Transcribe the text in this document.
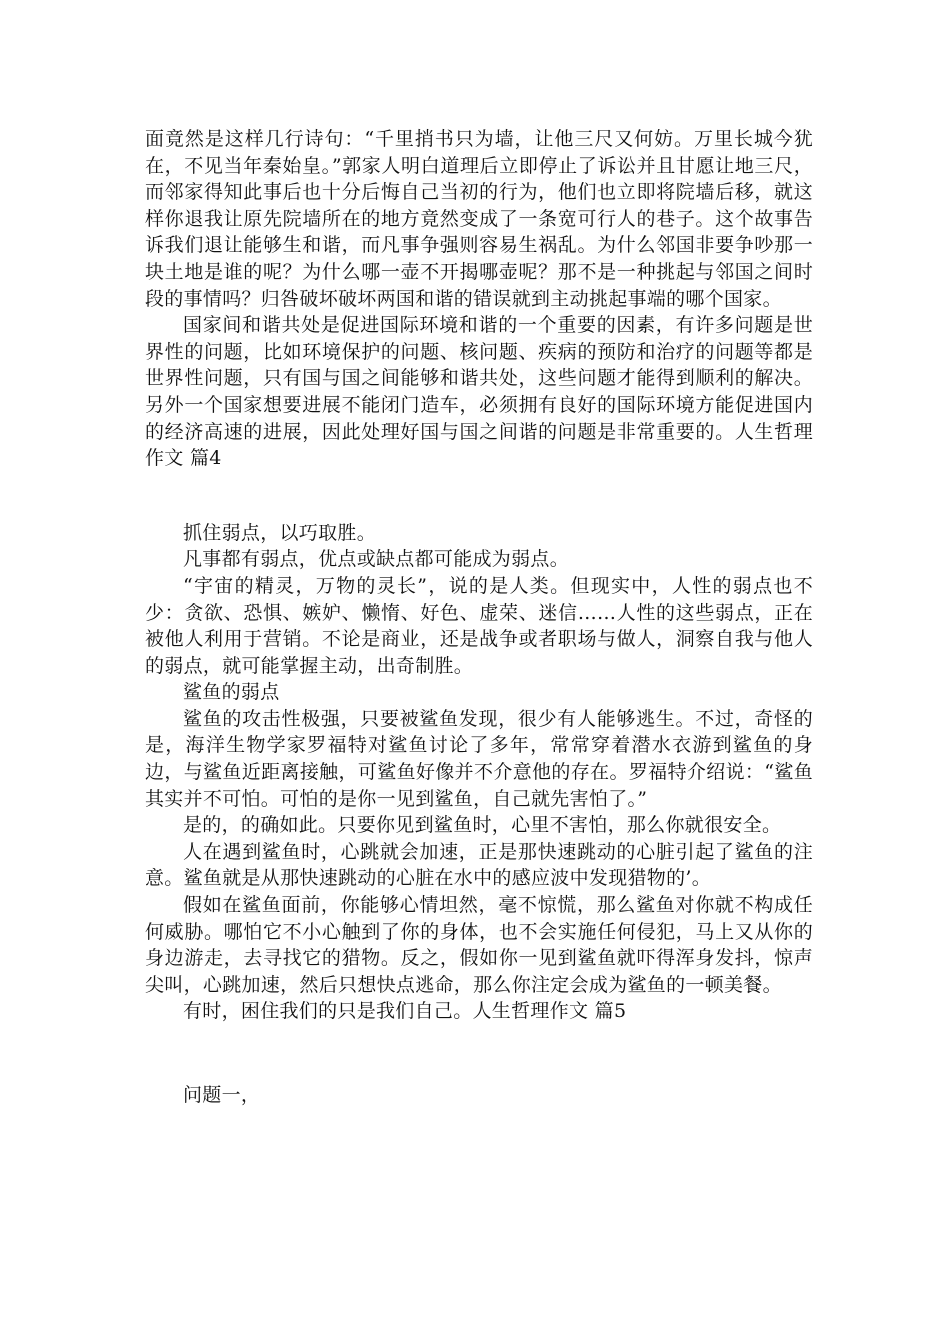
面竟然是这样几行诗句：“千里捎书只为墙，让他三尺又何妨。万里长城今犹在，不见当年秦始皇。”郭家人明白道理后立即停止了诉讼并且甘愿让地三尺，而邻家得知此事后也十分后悔自己当初的行为，他们也立即将院墙后移，就这样你退我让原先院墙所在的地方竟然变成了一条宽可行人的巷子。这个故事告诉我们退让能够生和谐，而凡事争强则容易生祸乱。为什么邻国非要争吵那一块土地是谁的呢？为什么哪一壶不开揭哪壶呢？那不是一种挑起与邻国之间时段的事情吗？归咎破坏破坏两国和谐的错误就到主动挑起事端的哪个国家。

国家间和谐共处是促进国际环境和谐的一个重要的因素，有许多问题是世界性的问题，比如环境保护的问题、核问题、疾病的预防和治疗的问题等都是世界性问题，只有国与国之间能够和谐共处，这些问题才能得到顺利的解决。另外一个国家想要进展不能闭门造车，必须拥有良好的国际环境方能促进国内的经济高速的进展，因此处理好国与国之间谐的问题是非常重要的。人生哲理作文 篇4

抓住弱点，以巧取胜。

凡事都有弱点，优点或缺点都可能成为弱点。

“宇宙的精灵，万物的灵长”，说的是人类。但现实中，人性的弱点也不少：贪欲、恐惧、嫉妒、懒惰、好色、虚荣、迷信……人性的这些弱点，正在被他人利用于营销。不论是商业，还是战争或者职场与做人，洞察自我与他人的弱点，就可能掌握主动，出奇制胜。

鲨鱼的弱点

鲨鱼的攻击性极强，只要被鲨鱼发现，很少有人能够逃生。不过，奇怪的是，海洋生物学家罗福特对鲨鱼讨论了多年，常常穿着潜水衣游到鲨鱼的身边，与鲨鱼近距离接触，可鲨鱼好像并不介意他的存在。罗福特介绍说：“鲨鱼其实并不可怕。可怕的是你一见到鲨鱼，自己就先害怕了。”

是的，的确如此。只要你见到鲨鱼时，心里不害怕，那么你就很安全。

人在遇到鲨鱼时，心跳就会加速，正是那快速跳动的心脏引起了鲨鱼的注意。鲨鱼就是从那快速跳动的心脏在水中的感应波中发现猎物的’。

假如在鲨鱼面前，你能够心情坦然，毫不惊慌，那么鲨鱼对你就不构成任何威胁。哪怕它不小心触到了你的身体，也不会实施任何侵犯，马上又从你的身边游走，去寻找它的猎物。反之，假如你一见到鲨鱼就吓得浑身发抖，惊声尖叫，心跳加速，然后只想快点逃命，那么你注定会成为鲨鱼的一顿美餐。

有时，困住我们的只是我们自己。人生哲理作文 篇5

问题一，
